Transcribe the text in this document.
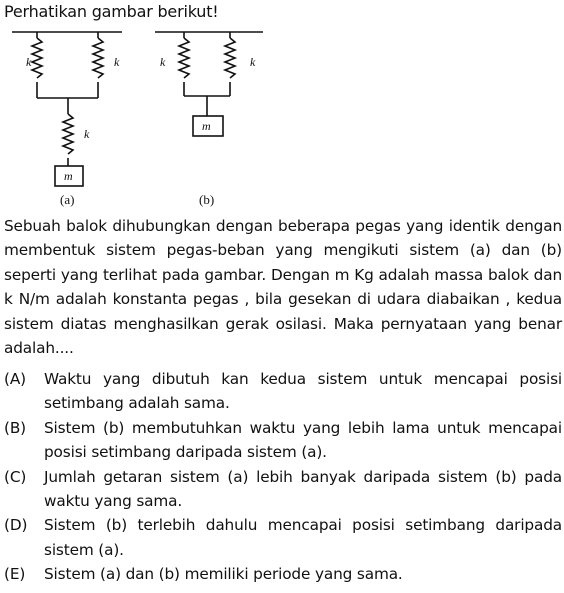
Perhatikan gambar berikut!
k	k
k
m
k	k
m
(a)	(b)
Sebuah balok dihubungkan dengan beberapa pegas yang identik dengan membentuk sistem pegas-beban yang mengikuti sistem (a) dan (b) seperti yang terlihat pada gambar. Dengan m Kg adalah massa balok dan k N/m adalah konstanta pegas , bila gesekan di udara diabaikan , kedua sistem diatas menghasilkan gerak osilasi. Maka pernyataan yang benar adalah....
(A)	Waktu yang dibutuh kan kedua sistem untuk mencapai posisi setimbang adalah sama.
(B)	Sistem (b) membutuhkan waktu yang lebih lama untuk mencapai posisi setimbang daripada sistem (a).
(C)	Jumlah getaran sistem (a) lebih banyak daripada sistem (b) pada waktu yang sama.
(D)	Sistem (b) terlebih dahulu mencapai posisi setimbang daripada sistem (a).
(E)	Sistem (a) dan (b) memiliki periode yang sama.
